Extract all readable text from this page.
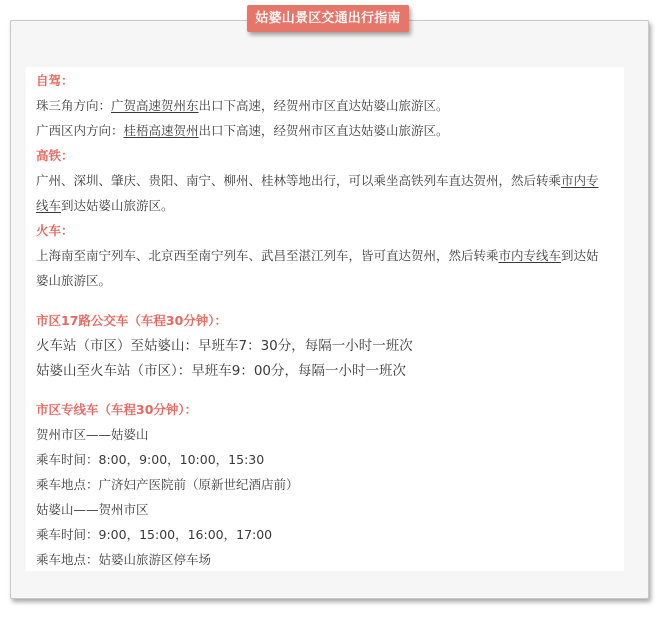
姑婆山景区交通出行指南
自驾：
珠三角方向：广贺高速贺州东出口下高速，经贺州市区直达姑婆山旅游区。
广西区内方向：桂梧高速贺州出口下高速，经贺州市区直达姑婆山旅游区。
高铁：
广州、深圳、肇庆、贵阳、南宁、柳州、桂林等地出行，可以乘坐高铁列车直达贺州，然后转乘市内专
线车到达姑婆山旅游区。
火车：
上海南至南宁列车、北京西至南宁列车、武昌至湛江列车，皆可直达贺州，然后转乘市内专线车到达姑
婆山旅游区。
市区17路公交车（车程30分钟）：
火车站（市区）至姑婆山：早班车7：30分，每隔一小时一班次
姑婆山至火车站（市区）：早班车9：00分，每隔一小时一班次
市区专线车（车程30分钟）：
贺州市区——姑婆山
乘车时间：8:00，9:00，10:00，15:30
乘车地点：广济妇产医院前（原新世纪酒店前）
姑婆山——贺州市区
乘车时间：9:00，15:00，16:00，17:00
乘车地点：姑婆山旅游区停车场
